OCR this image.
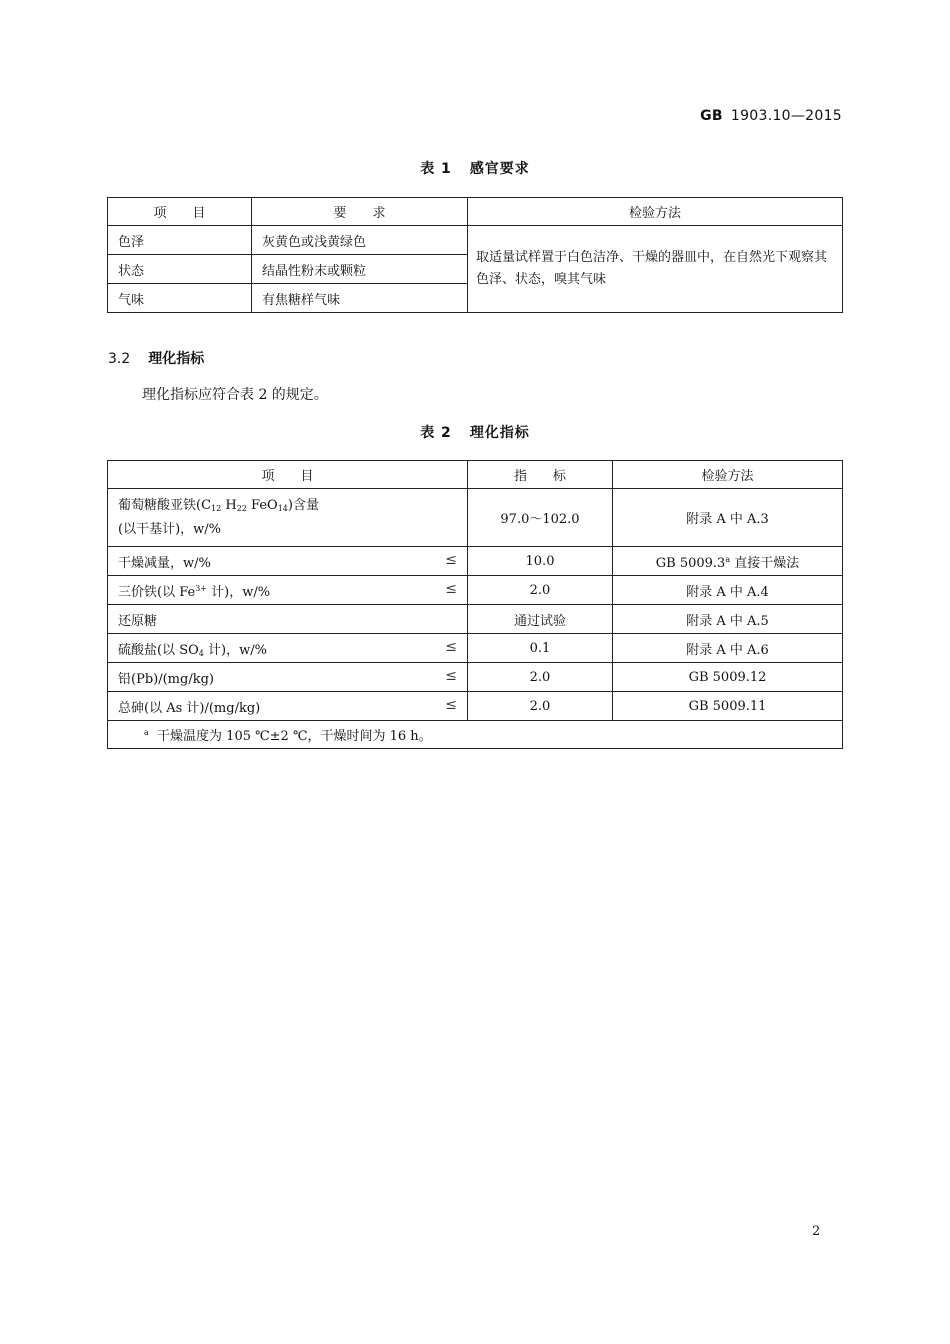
GB 1903.10—2015
表 1 感官要求
项　　目	要　　求	检验方法
色泽	灰黄色或浅黄绿色	取适量试样置于白色洁净、干燥的器皿中，在自然光下观察其色泽、状态，嗅其气味
状态	结晶性粉末或颗粒	
气味	有焦糖样气味	
3.2 理化指标
理化指标应符合表 2 的规定。
表 2 理化指标
项　　目	指　　标	检验方法
葡萄糖酸亚铁($C_{12}$ $H_{22}$ FeO$_{14}$)含量
(以干基计)，w/%	97.0～102.0	附录 A 中 A.3
干燥减量，w/% ≤	10.0	GB 5009.3$^a$ 直接干燥法
三价铁(以 $Fe^{3+}$ 计)，w/% ≤	2.0	附录 A 中 A.4
还原糖	通过试验	附录 A 中 A.5
硫酸盐(以 $SO_4$ 计)，w/% ≤	0.1	附录 A 中 A.6
铅(Pb)/(mg/kg) ≤	2.0	GB 5009.12
总砷(以 As 计)/(mg/kg) ≤	2.0	GB 5009.11
$^a$ 干燥温度为 105 ℃±2 ℃，干燥时间为 16 h。		
2
